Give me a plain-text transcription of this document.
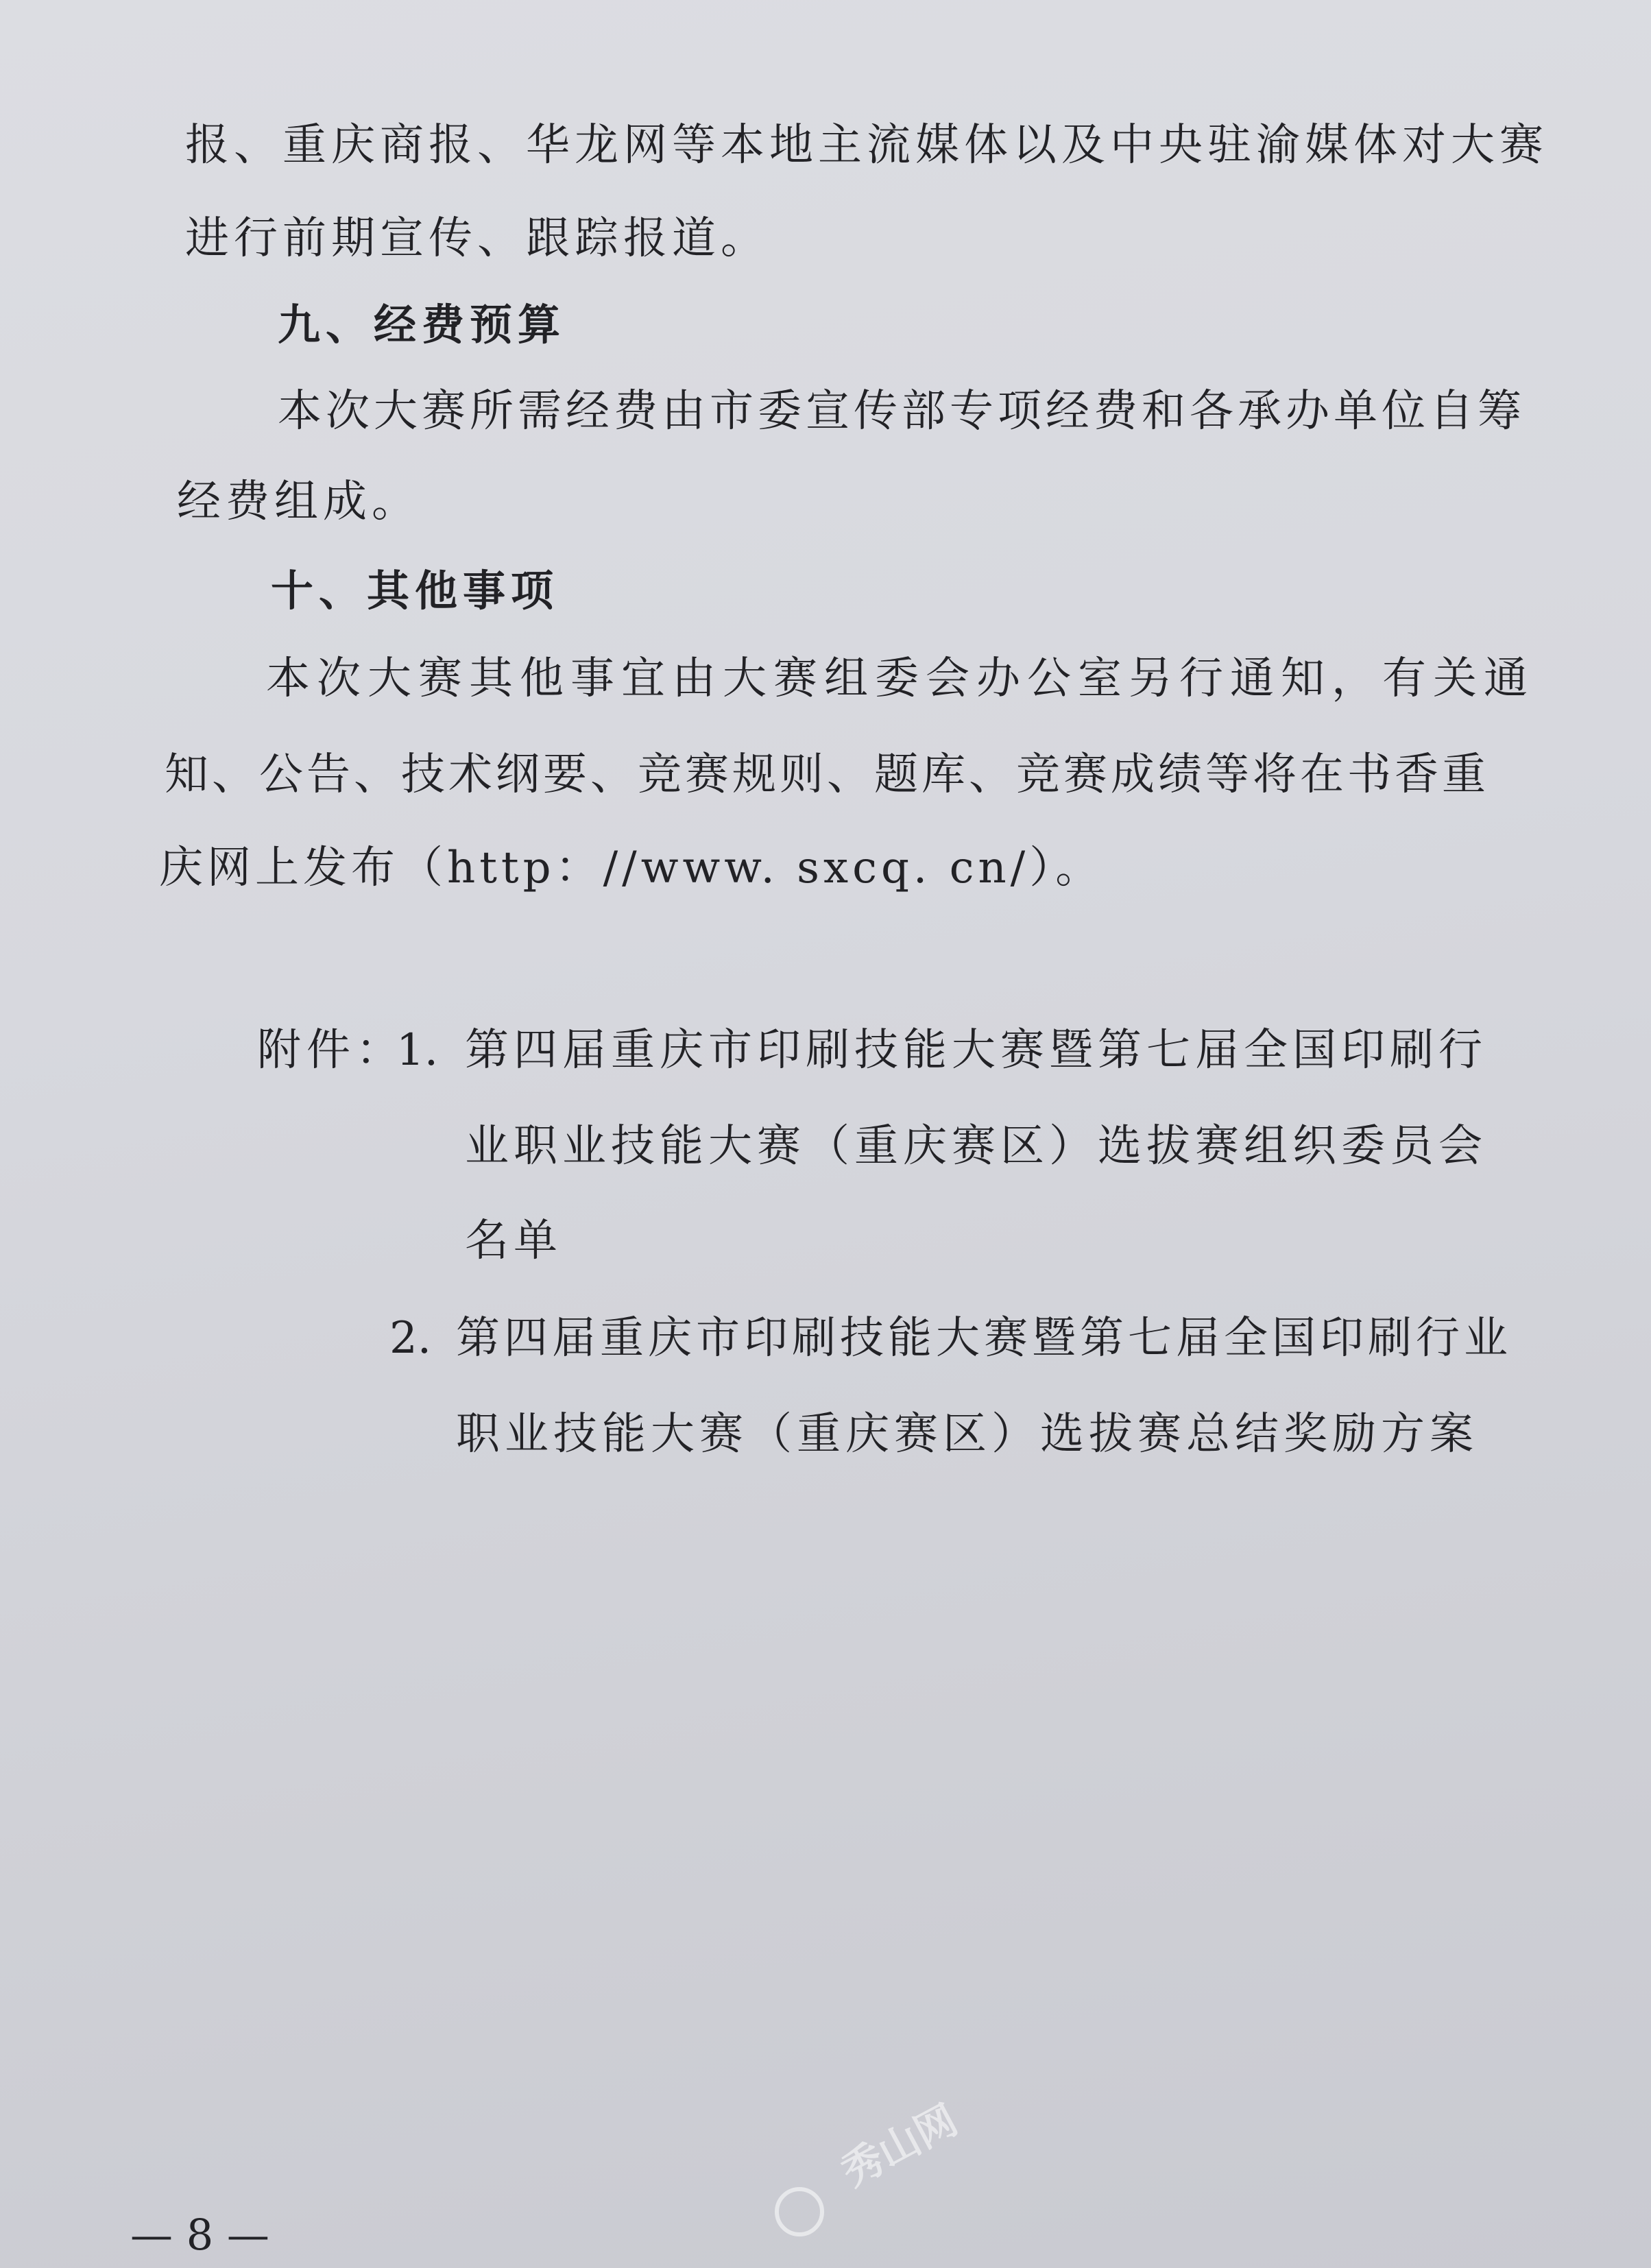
报、重庆商报、华龙网等本地主流媒体以及中央驻渝媒体对大赛
进行前期宣传、跟踪报道。
九、经费预算
本次大赛所需经费由市委宣传部专项经费和各承办单位自筹
经费组成。
十、其他事项
本次大赛其他事宜由大赛组委会办公室另行通知，有关通
知、公告、技术纲要、竞赛规则、题库、竞赛成绩等将在书香重
庆网上发布（http：//www. sxcq. cn/）。
附件：
1. 第四届重庆市印刷技能大赛暨第七届全国印刷行
业职业技能大赛（重庆赛区）选拔赛组织委员会
名单
2. 第四届重庆市印刷技能大赛暨第七届全国印刷行业
职业技能大赛（重庆赛区）选拔赛总结奖励方案
— 8 —
秀山网
